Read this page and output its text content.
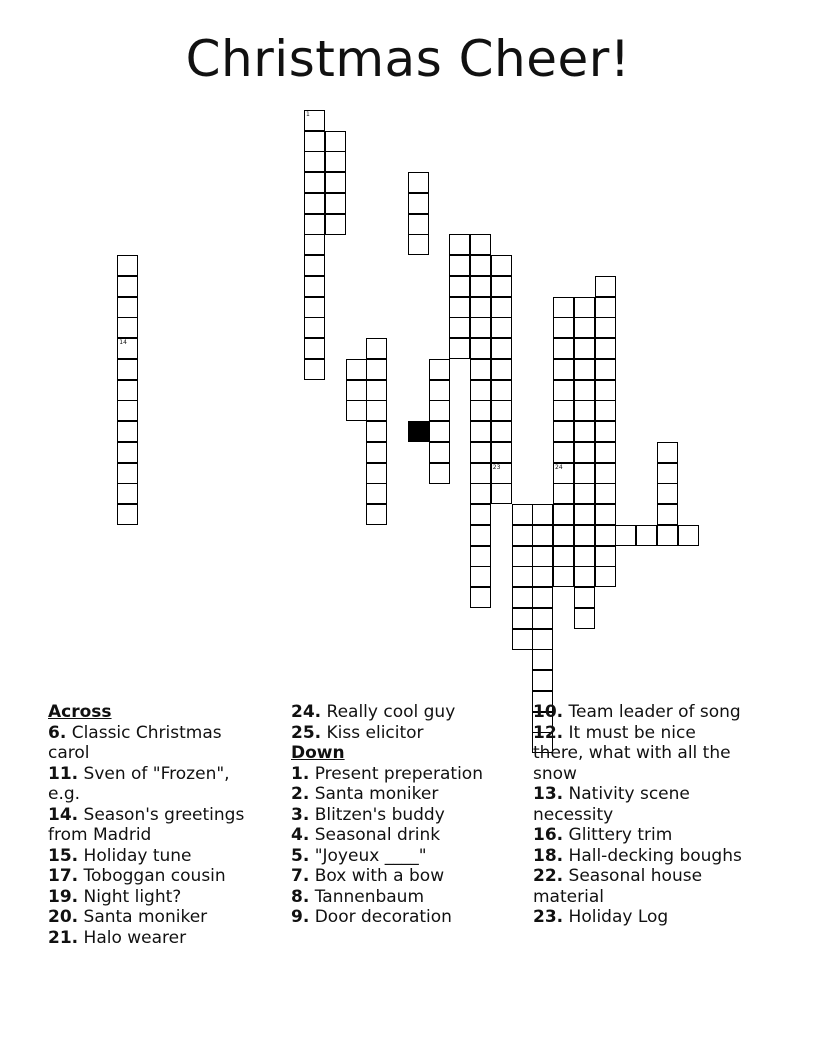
Christmas Cheer!
1
14
23	24
Across
6. Classic Christmas carol
11. Sven of "Frozen", e.g.
14. Season's greetings from Madrid
15. Holiday tune
17. Toboggan cousin
19. Night light?
20. Santa moniker
21. Halo wearer
24. Really cool guy
25. Kiss elicitor
Down
1. Present preperation
2. Santa moniker
3. Blitzen's buddy
4. Seasonal drink
5. "Joyeux ____"
7. Box with a bow
8. Tannenbaum
9. Door decoration
10. Team leader of song
12. It must be nice there, what with all the snow
13. Nativity scene necessity
16. Glittery trim
18. Hall-decking boughs
22. Seasonal house material
23. Holiday Log
